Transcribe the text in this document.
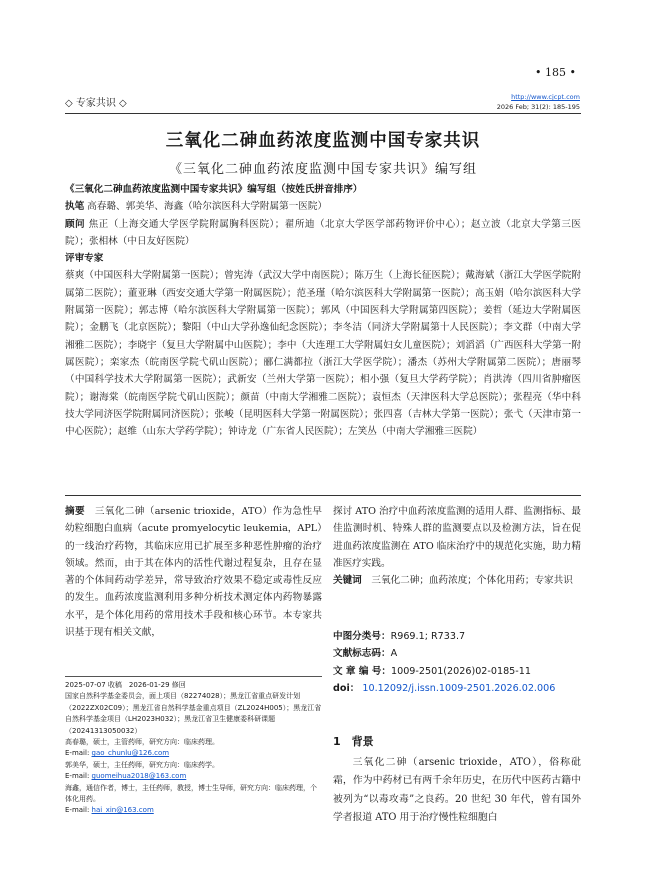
• 185 •
◇ 专家共识 ◇
http://www.cjcpt.com
2026 Feb; 31(2): 185-195
三氧化二砷血药浓度监测中国专家共识
《三氧化二砷血药浓度监测中国专家共识》编写组

《三氧化二砷血药浓度监测中国专家共识》编写组（按姓氏拼音排序）

执笔 高春璐、郭美华、海鑫（哈尔滨医科大学附属第一医院）

顾问 焦正（上海交通大学医学院附属胸科医院）；翟所迪（北京大学医学部药物评价中心）；赵立波（北京大学第三医院）；张相林（中日友好医院）

评审专家

蔡爽（中国医科大学附属第一医院）；曾宪涛（武汉大学中南医院）；陈万生（上海长征医院）；戴海斌（浙江大学医学院附属第二医院）；董亚琳（西安交通大学第一附属医院）；范圣瑾（哈尔滨医科大学附属第一医院）；高玉娟（哈尔滨医科大学附属第一医院）；郭志博（哈尔滨医科大学附属第一医院）；郭风（中国医科大学附属第四医院）；姜哲（延边大学附属医院）；金鹏飞（北京医院）；黎阳（中山大学孙逸仙纪念医院）；李冬洁（同济大学附属第十人民医院）；李文群（中南大学湘雅二医院）；李晓宇（复旦大学附属中山医院）；李中（大连理工大学附属妇女儿童医院）；刘滔滔（广西医科大学第一附属医院）；栾家杰（皖南医学院弋矶山医院）；郦仁满都拉（浙江大学医学院）；潘杰（苏州大学附属第二医院）；唐丽琴（中国科学技术大学附属第一医院）；武新安（兰州大学第一医院）；相小强（复旦大学药学院）；肖洪涛（四川省肿瘤医院）；谢海棠（皖南医学院弋矶山医院）；颜苗（中南大学湘雅二医院）；袁恒杰（天津医科大学总医院）；张程亮（华中科技大学同济医学院附属同济医院）；张峻（昆明医科大学第一附属医院）；张四喜（吉林大学第一医院）；张弋（天津市第一中心医院）；赵维（山东大学药学院）；钟诗龙（广东省人民医院）；左笑丛（中南大学湘雅三医院）

摘要　 三氧化二砷（arsenic trioxide，ATO）作为急性早幼粒细胞白血病（acute promyelocytic leukemia，APL）的一线治疗药物，其临床应用已扩展至多种恶性肿瘤的治疗领域。然而，由于其在体内的活性代谢过程复杂，且存在显著的个体间药动学差异，常导致治疗效果不稳定或毒性反应的发生。血药浓度监测利用多种分析技术测定体内药物暴露水平，是个体化用药的常用技术手段和核心环节。本专家共识基于现有相关文献，
探讨 ATO 治疗中血药浓度监测的适用人群、监测指标、最佳监测时机、特殊人群的监测要点以及检测方法，旨在促进血药浓度监测在 ATO 临床治疗中的规范化实施，助力精准医疗实践。
关键词　 三氧化二砷；血药浓度；个体化用药；专家共识
中图分类号：R969.1; R733.7
文献标志码：A
文 章 编 号：1009-2501(2026)02-0185-11
doi： 10.12092/j.issn.1009-2501.2026.02.006
2025-07-07 收稿　2026-01-29 修回
国家自然科学基金委员会，面上项目（82274028）；黑龙江省重点研发计划（2022ZX02C09）；黑龙江省自然科学基金重点项目（ZL2024H005）；黑龙江省自然科学基金项目（LH2023H032）；黑龙江省卫生健康委科研课题（20241313050032）
高春璐，硕士，主管药师，研究方向：临床药理。
E-mail: gao_chunlu@126.com
郭美华，硕士，主任药师，研究方向：临床药学。
E-mail: guomeihua2018@163.com
海鑫，通信作者，博士，主任药师，教授，博士生导师，研究方向：临床药理，个体化用药。
E-mail: hai_xin@163.com
1　背景
三氧化二砷（arsenic trioxide，ATO），俗称砒霜，作为中药材已有两千余年历史，在历代中医药古籍中被列为“以毒攻毒”之良药。20 世纪 30 年代，曾有国外学者报道 ATO 用于治疗慢性粒细胞白
